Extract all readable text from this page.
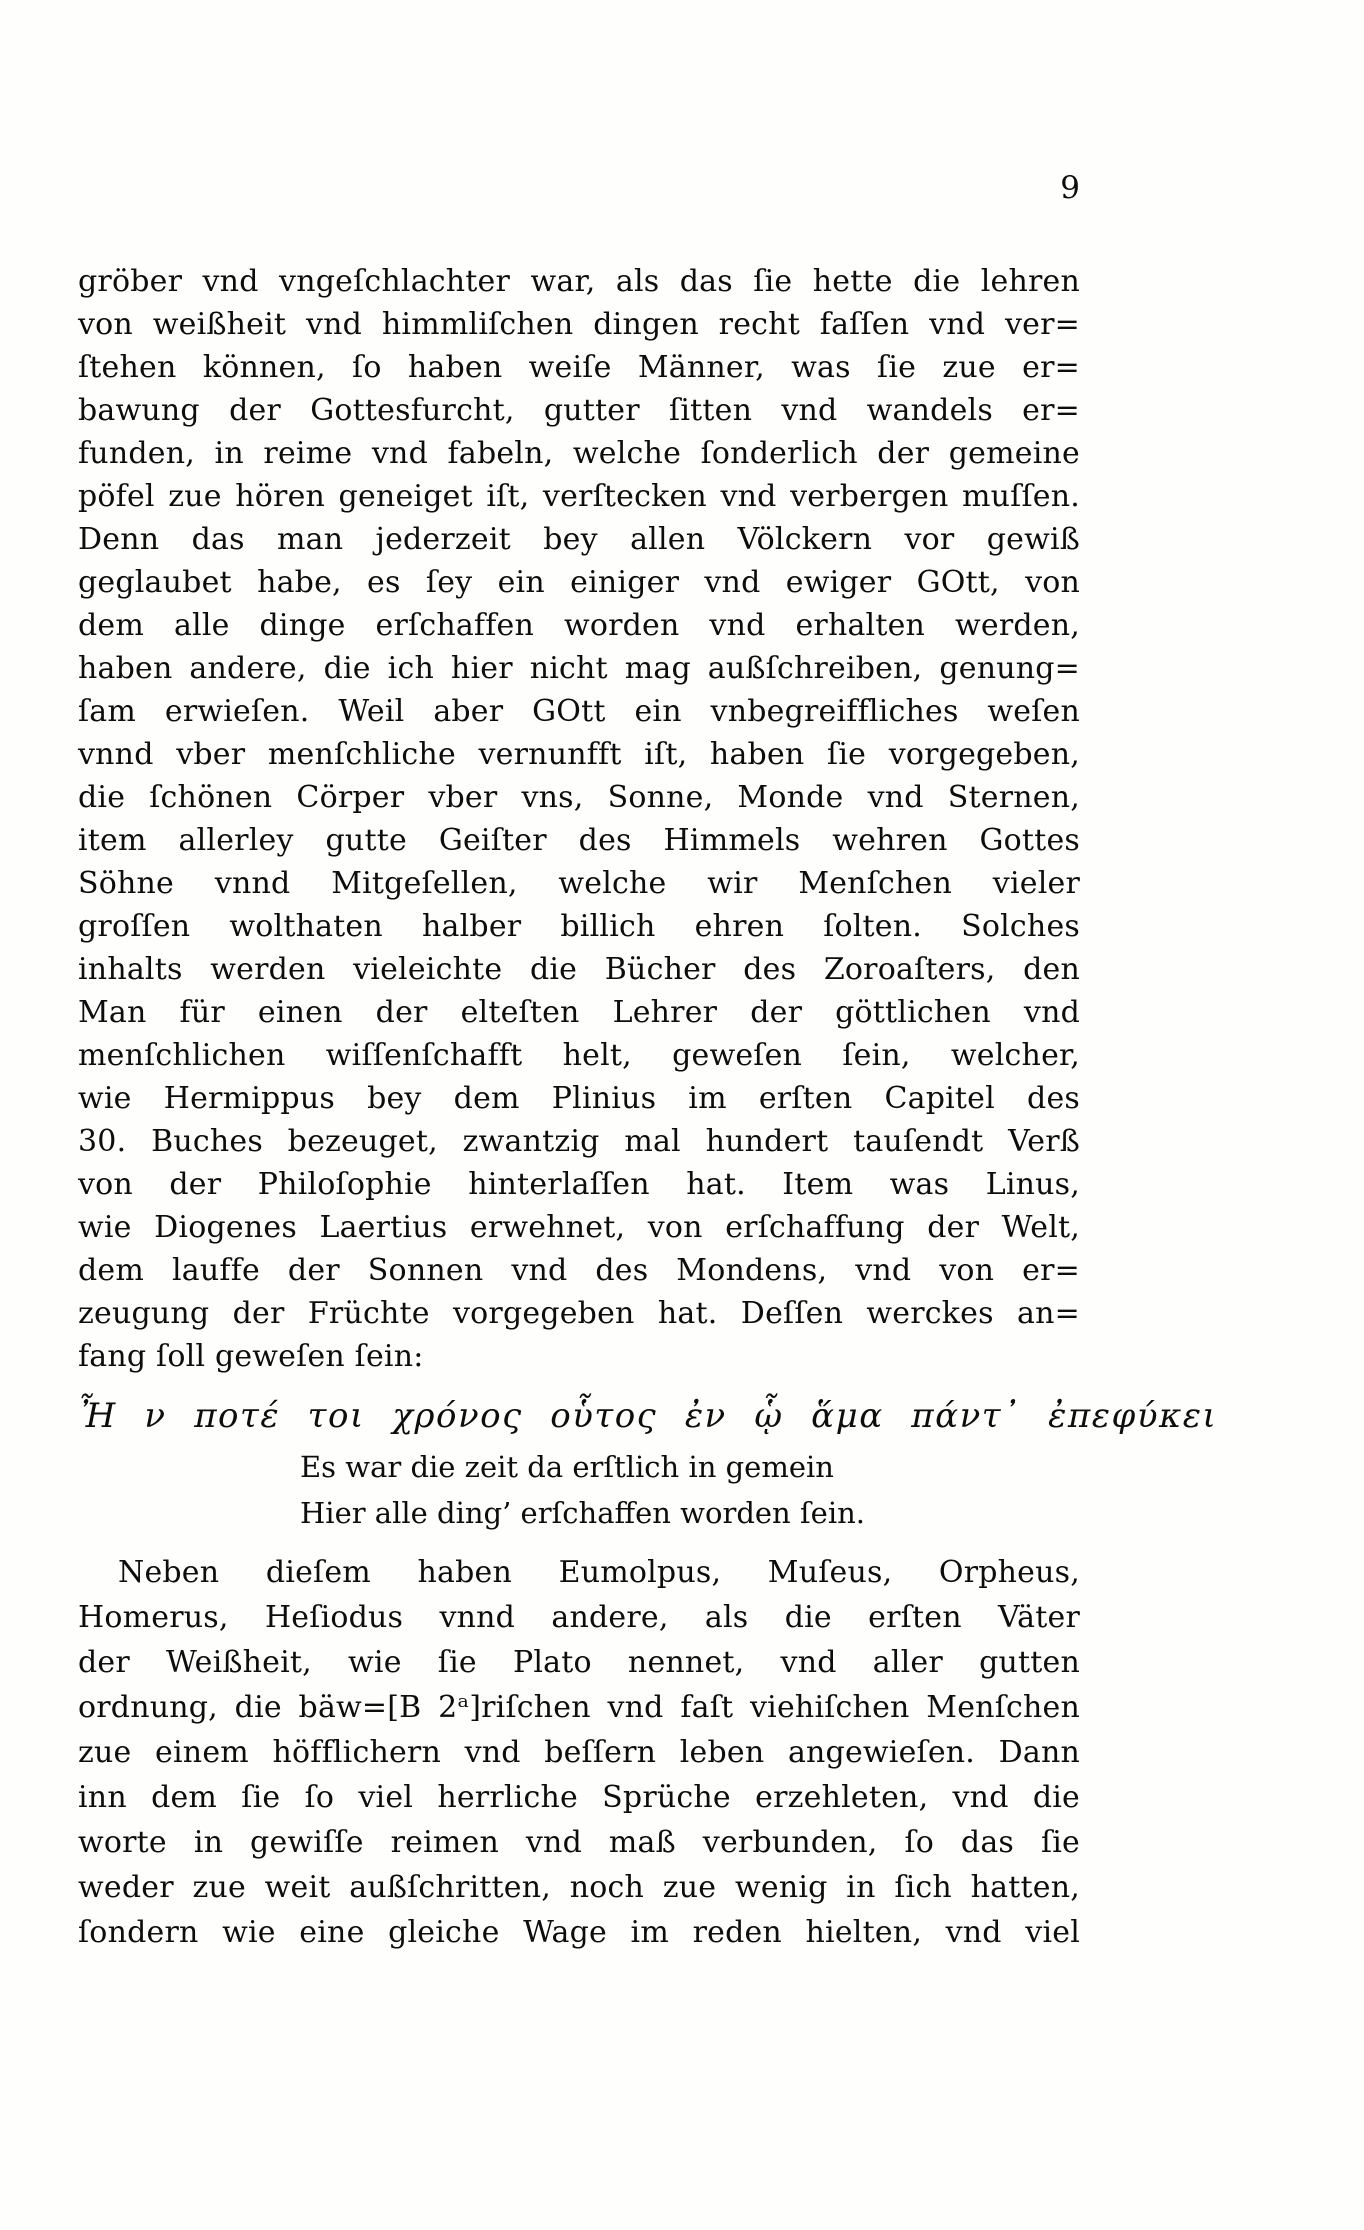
9
gröber vnd vngeſchlachter war, als das ſie hette die lehren
von weißheit vnd himmliſchen dingen recht faſſen vnd ver=
ſtehen können, ſo haben weiſe Männer, was ſie zue er=
bawung der Gottesfurcht, gutter ſitten vnd wandels er=
funden, in reime vnd fabeln, welche ſonderlich der gemeine
pöfel zue hören geneiget iſt, verſtecken vnd verbergen muſſen.
Denn das man jederzeit bey allen Völckern vor gewiß
geglaubet habe, es ſey ein einiger vnd ewiger GOtt, von
dem alle dinge erſchaffen worden vnd erhalten werden,
haben andere, die ich hier nicht mag außſchreiben, genung=
ſam erwieſen. Weil aber GOtt ein vnbegreiffliches weſen
vnnd vber menſchliche vernunfft iſt, haben ſie vorgegeben,
die ſchönen Cörper vber vns, Sonne, Monde vnd Sternen,
item allerley gutte Geiſter des Himmels wehren Gottes
Söhne vnnd Mitgeſellen, welche wir Menſchen vieler
groſſen wolthaten halber billich ehren ſolten. Solches
inhalts werden vieleichte die Bücher des Zoroaſters, den
Man für einen der elteſten Lehrer der göttlichen vnd
menſchlichen wiſſenſchafft helt, geweſen ſein, welcher,
wie Hermippus bey dem Plinius im erſten Capitel des
30. Buches bezeuget, zwantzig mal hundert tauſendt Verß
von der Philoſophie hinterlaſſen hat. Item was Linus,
wie Diogenes Laertius erwehnet, von erſchaffung der Welt,
dem lauffe der Sonnen vnd des Mondens, vnd von er=
zeugung der Früchte vorgegeben hat. Deſſen werckes an=
fang ſoll geweſen ſein:
Ἦ ν ποτέ τοι χρόνος οὗτος ἐν ᾧ ἅμα πάντ᾽ ἐπεφύκει
Es war die zeit da erſtlich in gemein
Hier alle ding’ erſchaffen worden ſein.
Neben dieſem haben Eumolpus, Muſeus, Orpheus,
Homerus, Heſiodus vnnd andere, als die erſten Väter
der Weißheit, wie ſie Plato nennet, vnd aller gutten
ordnung, die bäw=[B 2ᵃ]riſchen vnd faſt viehiſchen Menſchen
zue einem höfflichern vnd beſſern leben angewieſen. Dann
inn dem ſie ſo viel herrliche Sprüche erzehleten, vnd die
worte in gewiſſe reimen vnd maß verbunden, ſo das ſie
weder zue weit außſchritten, noch zue wenig in ſich hatten,
ſondern wie eine gleiche Wage im reden hielten, vnd viel
